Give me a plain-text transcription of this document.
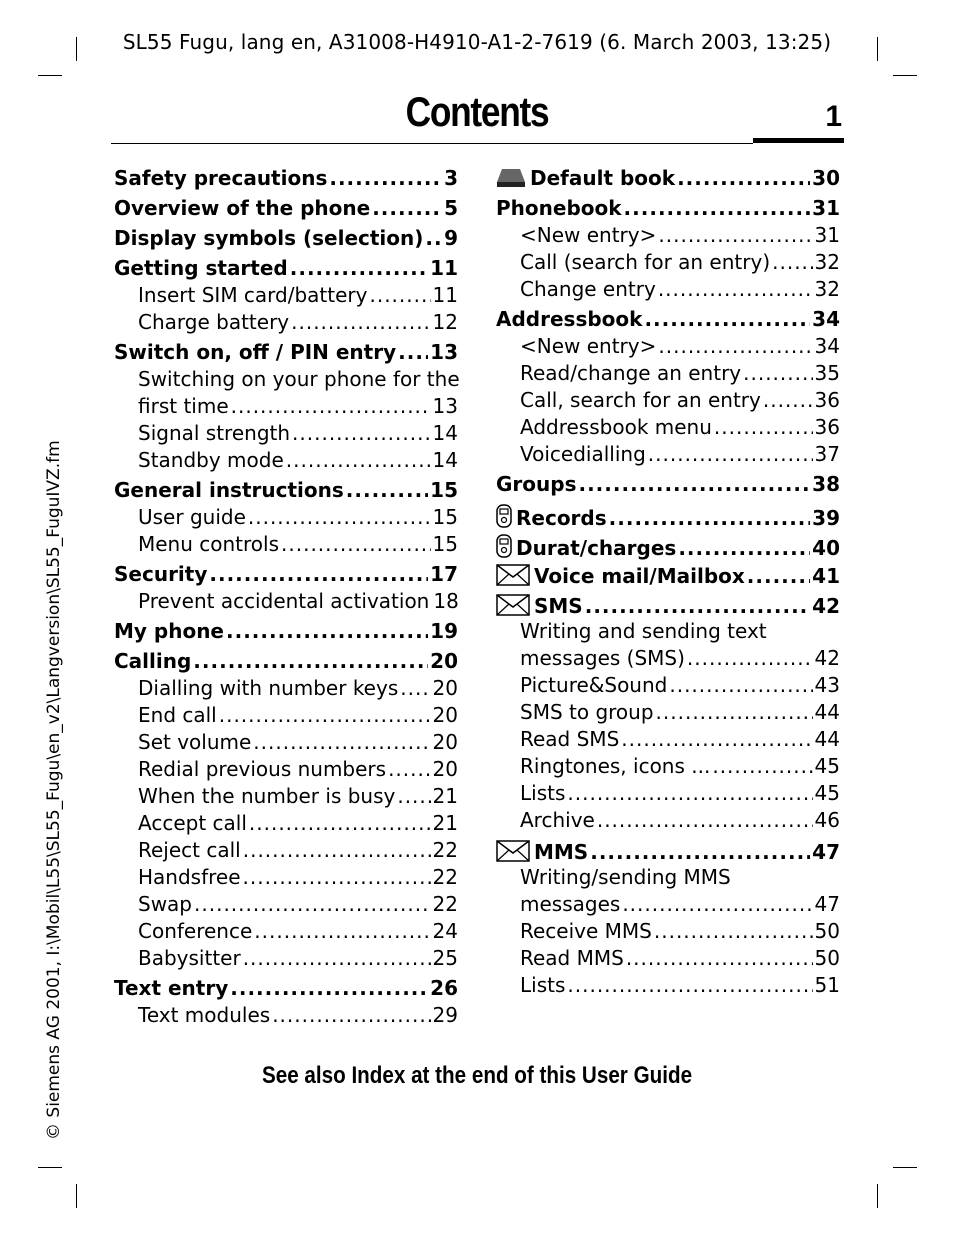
SL55 Fugu, lang en, A31008-H4910-A1-2-7619 (6. March 2003, 13:25)
Contents	1
Safety precautions .....	3
Overview of the phone .....	5
Display symbols (selection) ..... 9
Getting started .....	11
Insert SIM card/battery .....	11
Charge battery .....	12
Switch on, off / PIN entry ..... 13
Switching on your phone for the
first time .....	13
Signal strength .....	14
Standby mode .....	14
General instructions .....	15
User guide .....	15
Menu controls .....	15
Security .....	17
Prevent accidental activation 18
My phone .....	19
Calling .....	20
Dialling with number keys ..... 20
End call .....	20
Set volume .....	20
Redial previous numbers ..... 20
When the number is busy ..... 21
Accept call .....	21
Reject call .....	22
Handsfree .....	22
Swap .....	22
Conference .....	24
Babysitter .....	25
Text entry .....	26
Text modules .....	29
Default book .....	30
Phonebook .....	31
<New entry> .....	31
Call (search for an entry) ..... 32
Change entry .....	32
Addressbook .....	34
<New entry> .....	34
Read/change an entry .....	35
Call, search for an entry .....	36
Addressbook menu .....	36
Voicedialling .....	37
Groups .....	38
Records .....	39
Durat/charges .....	40
Voice mail/Mailbox .....	41
SMS .....	42
Writing and sending text
messages (SMS) .....	42
Picture&Sound .....	43
SMS to group .....	44
Read SMS .....	44
Ringtones, icons ... .....	45
Lists .....	45
Archive .....	46
MMS .....	47
Writing/sending MMS
messages .....	47
Receive MMS .....	50
Read MMS .....	50
Lists .....	51
See also Index at the end of this User Guide
© Siemens AG 2001, I:\Mobil\L55\SL55_Fugu\en_v2\Langversion\SL55_FuguIVZ.fm
